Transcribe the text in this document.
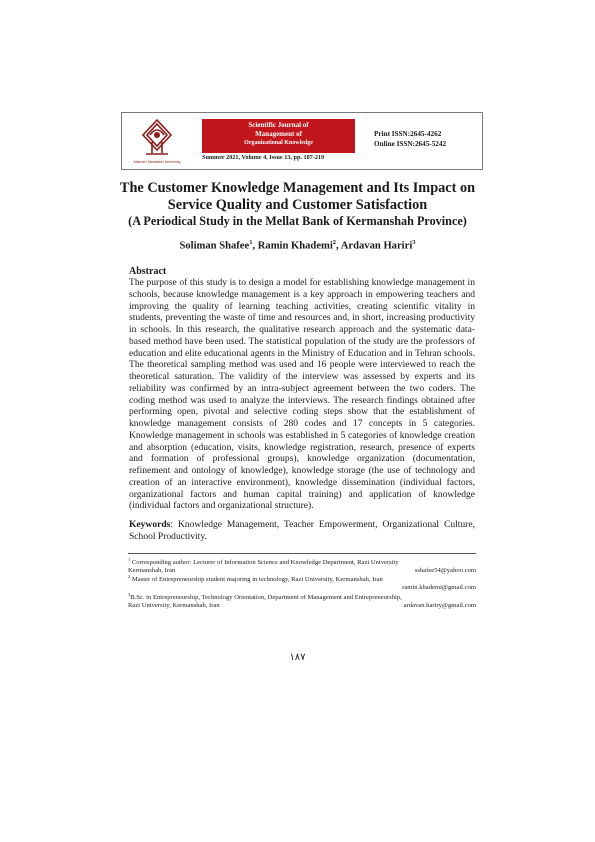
Allameh Tabataba'i University
Scientific Journal of
Management of
Organizational Knowledge
Summer 2021, Volume 4, Issue 13, pp. 187-219
Print ISSN:2645-4262
Online ISSN:2645-5242
The Customer Knowledge Management and Its Impact on
Service Quality and Customer Satisfaction
(A Periodical Study in the Mellat Bank of Kermanshah Province)
Soliman Shafee$^1$, Ramin Khademi$^2$, Ardavan Hariri$^3$
Abstract
The purpose of this study is to design a model for establishing knowledge management in schools, because knowledge management is a key approach in empowering teachers and improving the quality of learning teaching activities, creating scientific vitality in students, preventing the waste of time and resources and, in short, increasing productivity in schools. In this research, the qualitative research approach and the systematic data-based method have been used. The statistical population of the study are the professors of education and elite educational agents in the Ministry of Education and in Tehran schools. The theoretical sampling method was used and 16 people were interviewed to reach the theoretical saturation. The validity of the interview was assessed by experts and its reliability was confirmed by an intra-subject agreement between the two coders. The coding method was used to analyze the interviews. The research findings obtained after performing open, pivotal and selective coding steps show that the establishment of knowledge management consists of 280 codes and 17 concepts in 5 categories. Knowledge management in schools was established in 5 categories of knowledge creation and absorption (education, visits, knowledge registration, research, presence of experts and formation of professional groups), knowledge organization (documentation, refinement and ontology of knowledge), knowledge storage (the use of technology and creation of an interactive environment), knowledge dissemination (individual factors, organizational factors and human capital training) and application of knowledge (individual factors and organizational structure).
Keywords: Knowledge Management, Teacher Empowerment, Organizational Culture, School Productivity.
$^1$ Corresponding author: Lecturer of Information Science and Knowledge Department, Razi University
Kermanshah, Iran	sshafee54@yahoo.com
$^2$ Master of Entrepreneurship student majoring in technology, Razi University, Kermanshah, Iran
ramin.khademi@gmail.com
$^3$B.Sc. in Entrepreneurship, Technology Orientation, Department of Management and Entrepreneurship,
Razi University, Kermanshah, Iran	ardavan.hariry@gmail.com
۱۸۷
